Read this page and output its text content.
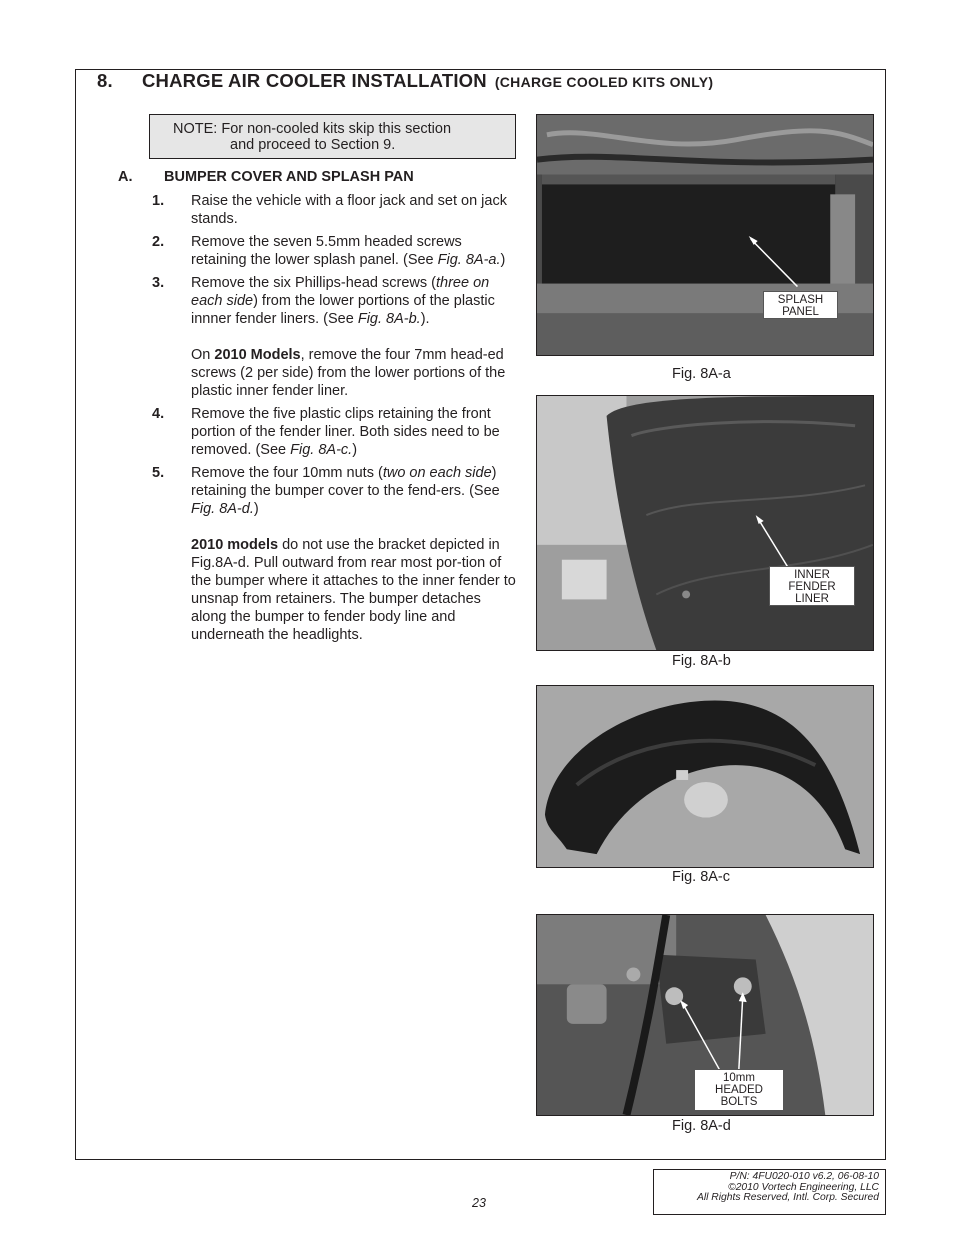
8. CHARGE AIR COOLER INSTALLATION (CHARGE COOLED KITS ONLY)
NOTE: For non-cooled kits skip this section
and proceed to Section 9.
A. BUMPER COVER AND SPLASH PAN
1. Raise the vehicle with a floor jack and set on jack stands.
2. Remove the seven 5.5mm headed screws retaining the lower splash panel. (See Fig. 8A-a.)
3. Remove the six Phillips-head screws (three on each side) from the lower portions of the plastic innner fender liners. (See Fig. 8A-b.).
On 2010 Models, remove the four 7mm head-ed screws (2 per side) from the lower portions of the plastic inner fender liner.
4. Remove the five plastic clips retaining the front portion of the fender liner. Both sides need to be removed. (See Fig. 8A-c.)
5. Remove the four 10mm nuts (two on each side) retaining the bumper cover to the fend-ers. (See Fig. 8A-d.)
2010 models do not use the bracket depicted in Fig.8A-d. Pull outward from rear most por-tion of the bumper where it attaches to the inner fender to unsnap from retainers. The bumper detaches along the bumper to fender body line and underneath the headlights.
SPLASH
PANEL
Fig. 8A-a
INNER
FENDER
LINER
Fig. 8A-b
Fig. 8A-c
10mm
HEADED
BOLTS
Fig. 8A-d
P/N: 4FU020-010 v6.2, 06-08-10
©2010 Vortech Engineering, LLC
All Rights Reserved, Intl. Corp. Secured
23
